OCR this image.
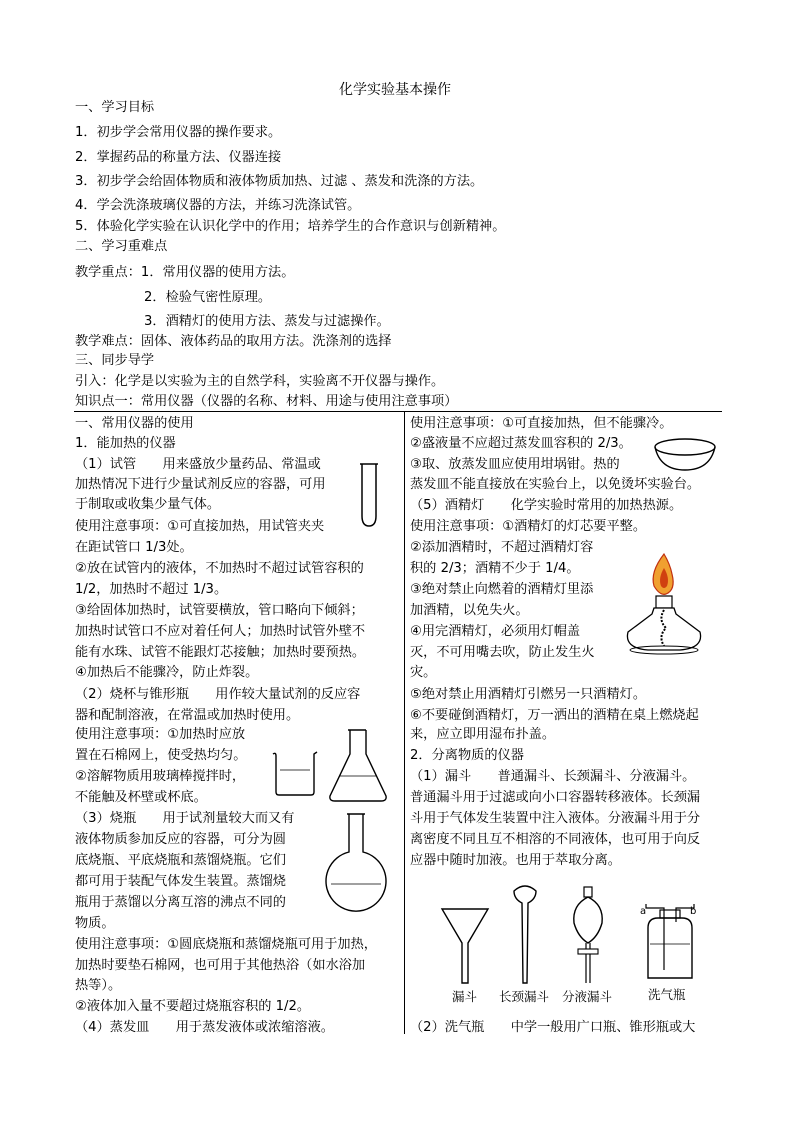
化学实验基本操作
一、学习目标
1．初步学会常用仪器的操作要求。
2．掌握药品的称量方法、仪器连接
3．初步学会给固体物质和液体物质加热、过滤 、蒸发和洗涤的方法。
4．学会洗涤玻璃仪器的方法，并练习洗涤试管。
5．体验化学实验在认识化学中的作用；培养学生的合作意识与创新精神。
二、学习重难点
教学重点：1．常用仪器的使用方法。
2．检验气密性原理。
3．酒精灯的使用方法、蒸发与过滤操作。
教学难点：固体、液体药品的取用方法。洗涤剂的选择
三、同步导学
引入：化学是以实验为主的自然学科，实验离不开仪器与操作。
知识点一：常用仪器（仪器的名称、材料、用途与使用注意事项）
一、常用仪器的使用
1．能加热的仪器
（1）试管　　用来盛放少量药品、常温或
加热情况下进行少量试剂反应的容器，可用
于制取或收集少量气体。
使用注意事项：①可直接加热，用试管夹夹
在距试管口 1/3处。
②放在试管内的液体，不加热时不超过试管容积的
1/2，加热时不超过 1/3。
③给固体加热时，试管要横放，管口略向下倾斜；
加热时试管口不应对着任何人；加热时试管外壁不
能有水珠、试管不能跟灯芯接触；加热时要预热。
④加热后不能骤冷，防止炸裂。
（2）烧杯与锥形瓶　　用作较大量试剂的反应容
器和配制溶液，在常温或加热时使用。
使用注意事项：①加热时应放
置在石棉网上，使受热均匀。
②溶解物质用玻璃棒搅拌时，
不能触及杯壁或杯底。
（3）烧瓶　　用于试剂量较大而又有
液体物质参加反应的容器，可分为圆
底烧瓶、平底烧瓶和蒸馏烧瓶。它们
都可用于装配气体发生装置。蒸馏烧
瓶用于蒸馏以分离互溶的沸点不同的
物质。
使用注意事项：①圆底烧瓶和蒸馏烧瓶可用于加热，
加热时要垫石棉网，也可用于其他热浴（如水浴加
热等）。
②液体加入量不要超过烧瓶容积的 1/2。
（4）蒸发皿　　用于蒸发液体或浓缩溶液。
使用注意事项：①可直接加热，但不能骤冷。
②盛液量不应超过蒸发皿容积的 2/3。
③取、放蒸发皿应使用坩埚钳。热的
蒸发皿不能直接放在实验台上，以免烫坏实验台。
（5）酒精灯　　化学实验时常用的加热热源。
使用注意事项：①酒精灯的灯芯要平整。
②添加酒精时，不超过酒精灯容
积的 2/3；酒精不少于 1/4。
③绝对禁止向燃着的酒精灯里添
加酒精，以免失火。
④用完酒精灯，必须用灯帽盖
灭，不可用嘴去吹，防止发生火
灾。
⑤绝对禁止用酒精灯引燃另一只酒精灯。
⑥不要碰倒酒精灯，万一洒出的酒精在桌上燃烧起
来，应立即用湿布扑盖。
2．分离物质的仪器
（1）漏斗　　普通漏斗、长颈漏斗、分液漏斗。
普通漏斗用于过滤或向小口容器转移液体。长颈漏
斗用于气体发生装置中注入液体。分液漏斗用于分
离密度不同且互不相溶的不同液体，也可用于向反
应器中随时加液。也用于萃取分离。
（2）洗气瓶　　中学一般用广口瓶、锥形瓶或大
漏斗 长颈漏斗 分液漏斗	洗气瓶
a	b
